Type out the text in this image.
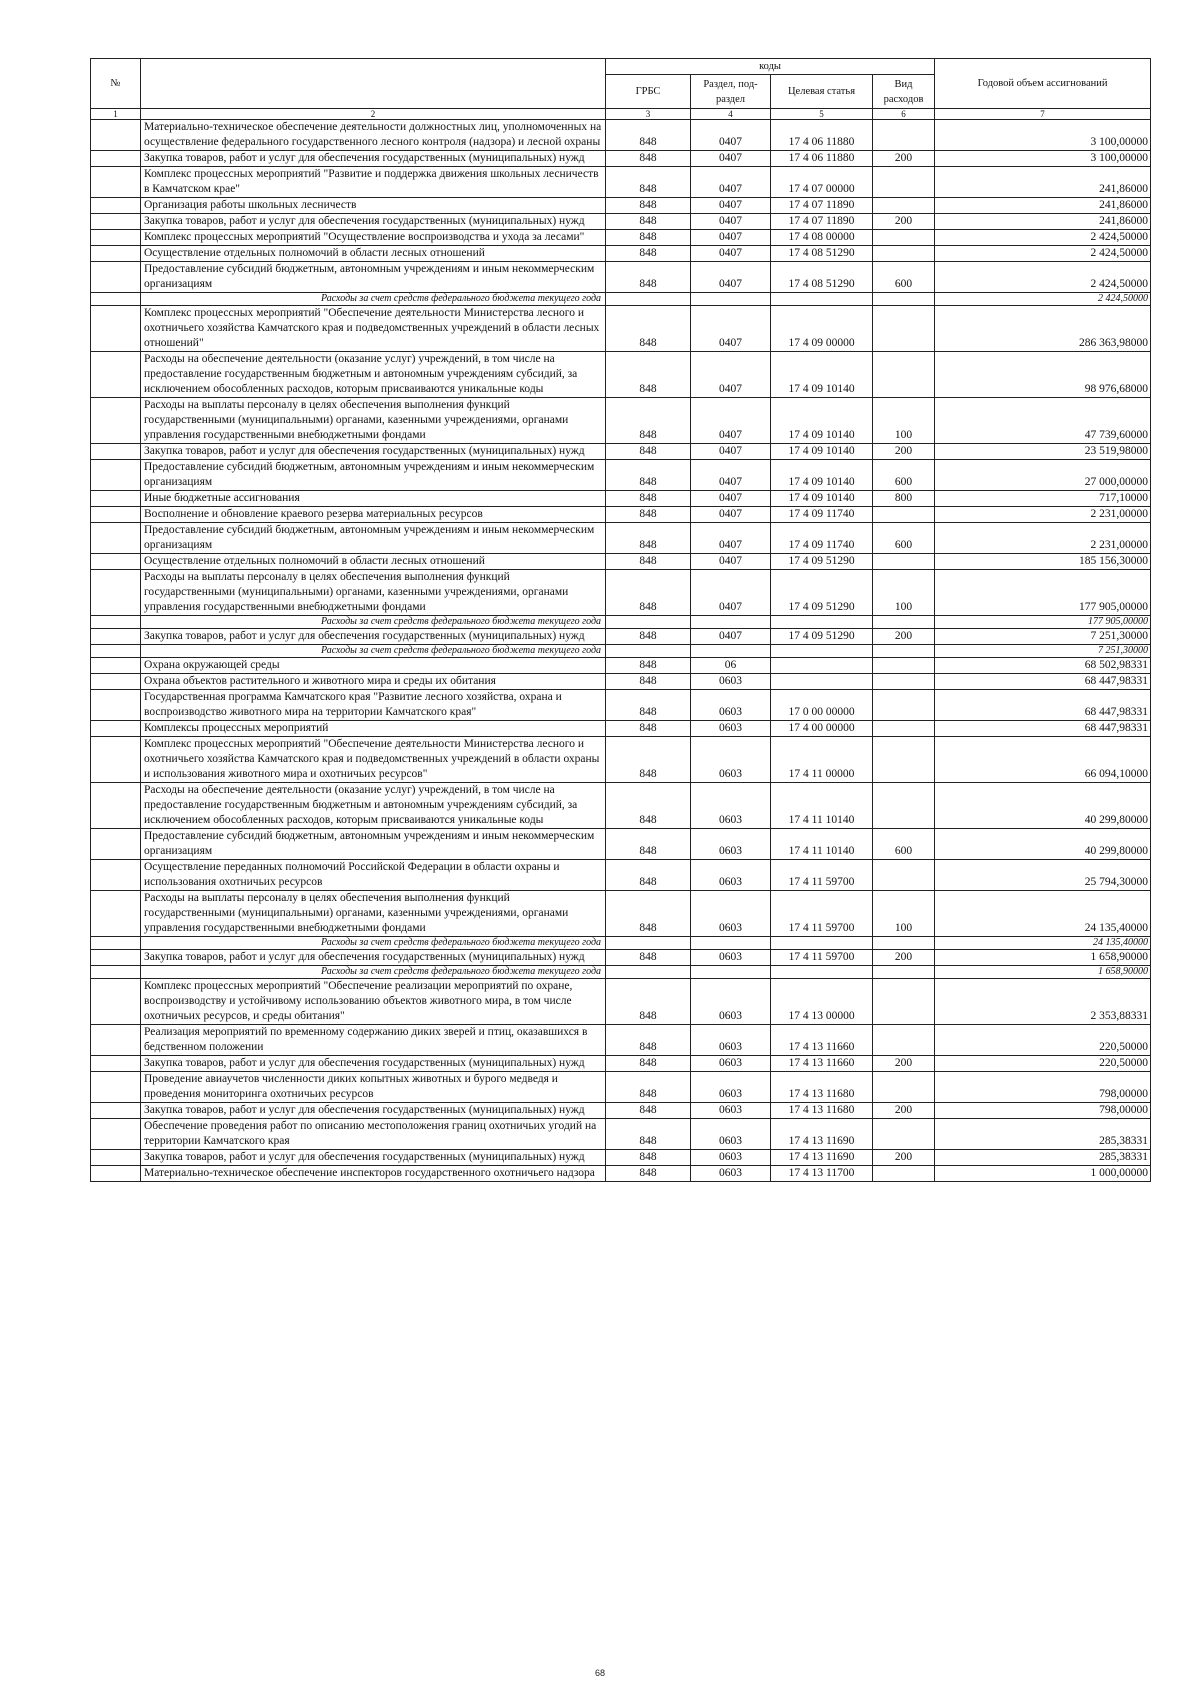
№		коды				Годовой объем ассигнований
		ГРБС	Раздел, под-раздел	Целевая статья	Вид расходов	
1	2	3	4	5	6	7
	Материально-техническое обеспечение деятельности должностных лиц, уполномоченных на осуществление федерального государственного лесного контроля (надзора) и лесной охраны	848	0407	17 4 06 11880		3 100,00000
	Закупка товаров, работ и услуг для обеспечения государственных (муниципальных) нужд	848	0407	17 4 06 11880	200	3 100,00000
	Комплекс процессных мероприятий "Развитие и поддержка движения школьных лесничеств в Камчатском крае"	848	0407	17 4 07 00000		241,86000
	Организация работы школьных лесничеств	848	0407	17 4 07 11890		241,86000
	Закупка товаров, работ и услуг для обеспечения государственных (муниципальных) нужд	848	0407	17 4 07 11890	200	241,86000
	Комплекс процессных мероприятий "Осуществление воспроизводства и ухода за лесами"	848	0407	17 4 08 00000		2 424,50000
	Осуществление отдельных полномочий в области лесных отношений	848	0407	17 4 08 51290		2 424,50000
	Предоставление субсидий бюджетным, автономным учреждениям и иным некоммерческим организациям	848	0407	17 4 08 51290	600	2 424,50000
	Расходы за счет средств федерального бюджета текущего года					2 424,50000
	Комплекс процессных мероприятий "Обеспечение деятельности Министерства лесного и охотничьего хозяйства Камчатского края и подведомственных учреждений в области лесных отношений"	848	0407	17 4 09 00000		286 363,98000
	Расходы на обеспечение деятельности (оказание услуг) учреждений, в том числе на предоставление государственным бюджетным и автономным учреждениям субсидий, за исключением обособленных расходов, которым присваиваются уникальные коды	848	0407	17 4 09 10140		98 976,68000
	Расходы на выплаты персоналу в целях обеспечения выполнения функций государственными (муниципальными) органами, казенными учреждениями, органами управления государственными внебюджетными фондами	848	0407	17 4 09 10140	100	47 739,60000
	Закупка товаров, работ и услуг для обеспечения государственных (муниципальных) нужд	848	0407	17 4 09 10140	200	23 519,98000
	Предоставление субсидий бюджетным, автономным учреждениям и иным некоммерческим организациям	848	0407	17 4 09 10140	600	27 000,00000
	Иные бюджетные ассигнования	848	0407	17 4 09 10140	800	717,10000
	Восполнение и обновление краевого резерва материальных ресурсов	848	0407	17 4 09 11740		2 231,00000
	Предоставление субсидий бюджетным, автономным учреждениям и иным некоммерческим организациям	848	0407	17 4 09 11740	600	2 231,00000
	Осуществление отдельных полномочий в области лесных отношений	848	0407	17 4 09 51290		185 156,30000
	Расходы на выплаты персоналу в целях обеспечения выполнения функций государственными (муниципальными) органами, казенными учреждениями, органами управления государственными внебюджетными фондами	848	0407	17 4 09 51290	100	177 905,00000
	Расходы за счет средств федерального бюджета текущего года					177 905,00000
	Закупка товаров, работ и услуг для обеспечения государственных (муниципальных) нужд	848	0407	17 4 09 51290	200	7 251,30000
	Расходы за счет средств федерального бюджета текущего года					7 251,30000
	Охрана окружающей среды	848	06			68 502,98331
	Охрана объектов растительного и животного мира и среды их обитания	848	0603			68 447,98331
	Государственная программа Камчатского края "Развитие лесного хозяйства, охрана и воспроизводство животного мира на территории Камчатского края"	848	0603	17 0 00 00000		68 447,98331
	Комплексы процессных мероприятий	848	0603	17 4 00 00000		68 447,98331
	Комплекс процессных мероприятий "Обеспечение деятельности Министерства лесного и охотничьего хозяйства Камчатского края и подведомственных учреждений в области охраны и использования животного мира и охотничьих ресурсов"	848	0603	17 4 11 00000		66 094,10000
	Расходы на обеспечение деятельности (оказание услуг) учреждений, в том числе на предоставление государственным бюджетным и автономным учреждениям субсидий, за исключением обособленных расходов, которым присваиваются уникальные коды	848	0603	17 4 11 10140		40 299,80000
	Предоставление субсидий бюджетным, автономным учреждениям и иным некоммерческим организациям	848	0603	17 4 11 10140	600	40 299,80000
	Осуществление переданных полномочий Российской Федерации в области охраны и использования охотничьих ресурсов	848	0603	17 4 11 59700		25 794,30000
	Расходы на выплаты персоналу в целях обеспечения выполнения функций государственными (муниципальными) органами, казенными учреждениями, органами управления государственными внебюджетными фондами	848	0603	17 4 11 59700	100	24 135,40000
	Расходы за счет средств федерального бюджета текущего года					24 135,40000
	Закупка товаров, работ и услуг для обеспечения государственных (муниципальных) нужд	848	0603	17 4 11 59700	200	1 658,90000
	Расходы за счет средств федерального бюджета текущего года					1 658,90000
	Комплекс процессных мероприятий "Обеспечение реализации мероприятий по охране, воспроизводству и устойчивому использованию объектов животного мира, в том числе охотничьих ресурсов, и среды обитания"	848	0603	17 4 13 00000		2 353,88331
	Реализация мероприятий по временному содержанию диких зверей и птиц, оказавшихся в бедственном положении	848	0603	17 4 13 11660		220,50000
	Закупка товаров, работ и услуг для обеспечения государственных (муниципальных) нужд	848	0603	17 4 13 11660	200	220,50000
	Проведение авиаучетов численности диких копытных животных и бурого медведя и проведения мониторинга охотничьих ресурсов	848	0603	17 4 13 11680		798,00000
	Закупка товаров, работ и услуг для обеспечения государственных (муниципальных) нужд	848	0603	17 4 13 11680	200	798,00000
	Обеспечение проведения работ по описанию местоположения границ охотничьих угодий на территории Камчатского края	848	0603	17 4 13 11690		285,38331
	Закупка товаров, работ и услуг для обеспечения государственных (муниципальных) нужд	848	0603	17 4 13 11690	200	285,38331
	Материально-техническое обеспечение инспекторов государственного охотничьего надзора	848	0603	17 4 13 11700		1 000,00000
68
